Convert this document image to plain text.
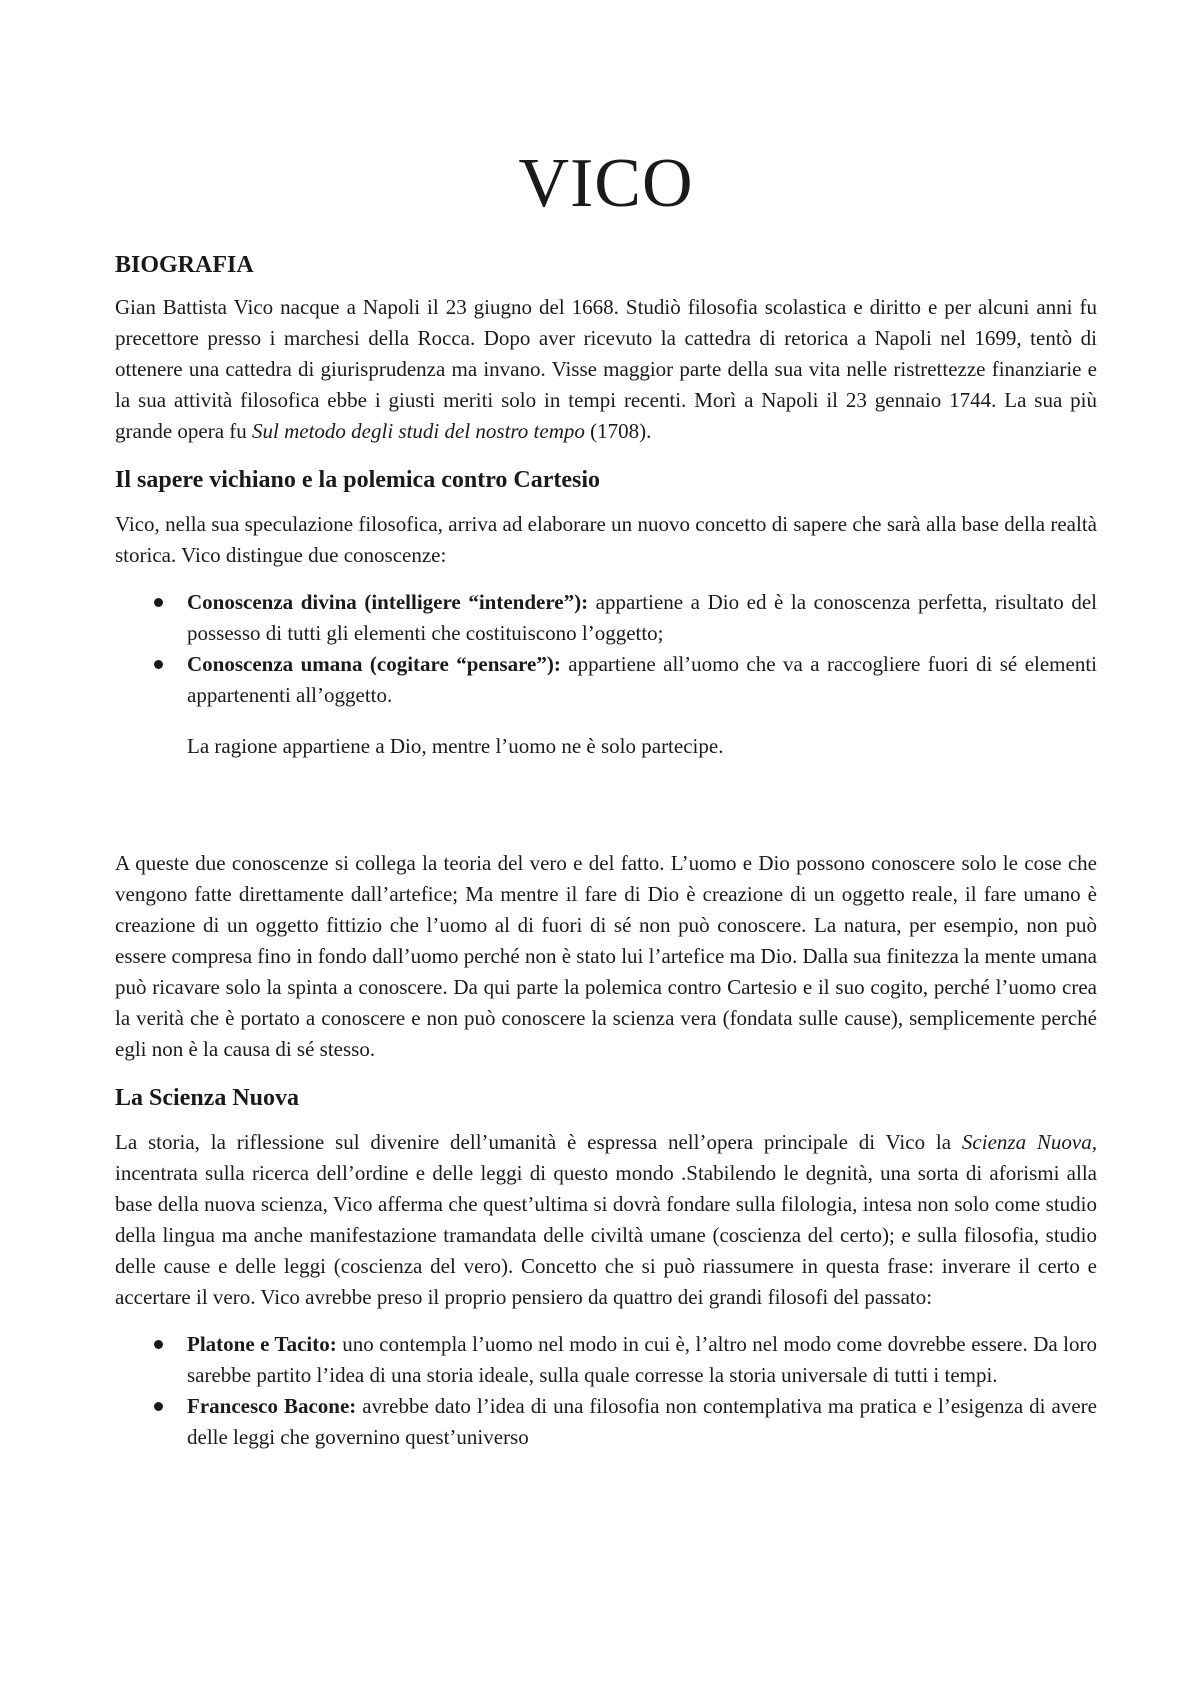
VICO
BIOGRAFIA

Gian Battista Vico nacque a Napoli il 23 giugno del 1668. Studiò filosofia scolastica e diritto e per alcuni anni fu precettore presso i marchesi della Rocca. Dopo aver ricevuto la cattedra di retorica a Napoli nel 1699, tentò di ottenere una cattedra di giurisprudenza ma invano. Visse maggior parte della sua vita nelle ristrettezze finanziarie e la sua attività filosofica ebbe i giusti meriti solo in tempi recenti. Morì a Napoli il 23 gennaio 1744. La sua più grande opera fu Sul metodo degli studi del nostro tempo (1708).

Il sapere vichiano e la polemica contro Cartesio

Vico, nella sua speculazione filosofica, arriva ad elaborare un nuovo concetto di sapere che sarà alla base della realtà storica. Vico distingue due conoscenze:

Conoscenza divina (intelligere “intendere”): appartiene a Dio ed è la conoscenza perfetta, risultato del possesso di tutti gli elementi che costituiscono l’oggetto;
Conoscenza umana (cogitare “pensare”): appartiene all’uomo che va a raccogliere fuori di sé elementi appartenenti all’oggetto.

La ragione appartiene a Dio, mentre l’uomo ne è solo partecipe.

A queste due conoscenze si collega la teoria del vero e del fatto. L’uomo e Dio possono conoscere solo le cose che vengono fatte direttamente dall’artefice; Ma mentre il fare di Dio è creazione di un oggetto reale, il fare umano è creazione di un oggetto fittizio che l’uomo al di fuori di sé non può conoscere. La natura, per esempio, non può essere compresa fino in fondo dall’uomo perché non è stato lui l’artefice ma Dio. Dalla sua finitezza la mente umana può ricavare solo la spinta a conoscere. Da qui parte la polemica contro Cartesio e il suo cogito, perché l’uomo crea la verità che è portato a conoscere e non può conoscere la scienza vera (fondata sulle cause), semplicemente perché egli non è la causa di sé stesso.

La Scienza Nuova

La storia, la riflessione sul divenire dell’umanità è espressa nell’opera principale di Vico la Scienza Nuova, incentrata sulla ricerca dell’ordine e delle leggi di questo mondo .Stabilendo le degnità, una sorta di aforismi alla base della nuova scienza, Vico afferma che quest’ultima si dovrà fondare sulla filologia, intesa non solo come studio della lingua ma anche manifestazione tramandata delle civiltà umane (coscienza del certo); e sulla filosofia, studio delle cause e delle leggi (coscienza del vero). Concetto che si può riassumere in questa frase: inverare il certo e accertare il vero. Vico avrebbe preso il proprio pensiero da quattro dei grandi filosofi del passato:

Platone e Tacito: uno contempla l’uomo nel modo in cui è, l’altro nel modo come dovrebbe essere. Da loro sarebbe partito l’idea di una storia ideale, sulla quale corresse la storia universale di tutti i tempi.
Francesco Bacone: avrebbe dato l’idea di una filosofia non contemplativa ma pratica e l’esigenza di avere delle leggi che governino quest’universo
